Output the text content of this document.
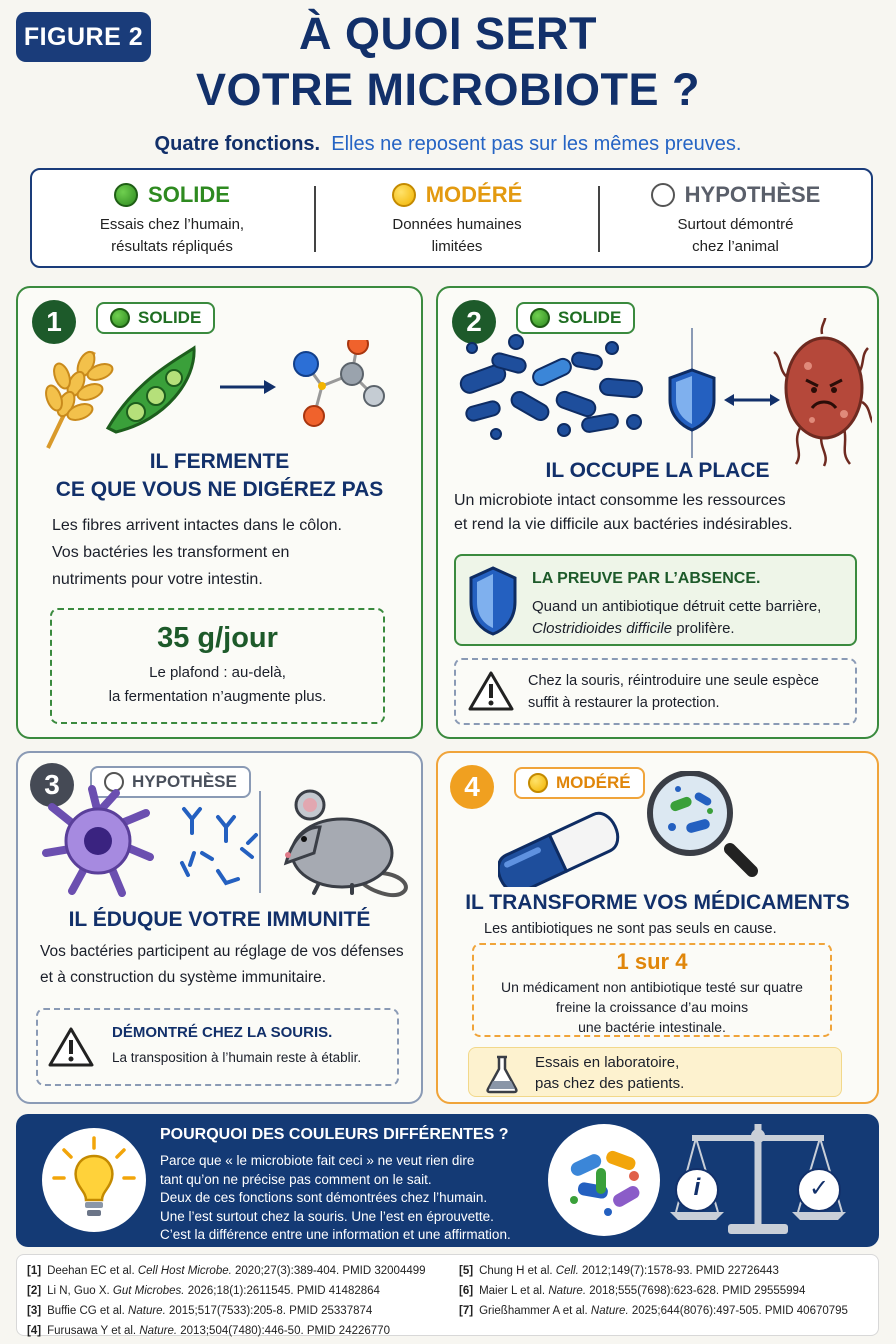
FIGURE 2	À QUOI SERT
VOTRE MICROBIOTE ?
Quatre fonctions. Elles ne reposent pas sur les mêmes preuves.
SOLIDE
Essais chez l’humain,
résultats répliqués
MODÉRÉ
Données humaines
limitées
HYPOTHÈSE
Surtout démontré
chez l’animal
1	SOLIDE
IL FERMENTE
CE QUE VOUS NE DIGÉREZ PAS
Les fibres arrivent intactes dans le côlon.
Vos bactéries les transforment en
nutriments pour votre intestin.
35 g/jour
Le plafond : au-delà,
la fermentation n’augmente plus.
2	SOLIDE
IL OCCUPE LA PLACE
Un microbiote intact consomme les ressources
et rend la vie difficile aux bactéries indésirables.
LA PREUVE PAR L’ABSENCE.
Quand un antibiotique détruit cette barrière,
Clostridioides difficile prolifère.
Chez la souris, réintroduire une seule espèce
suffit à restaurer la protection.
3	HYPOTHÈSE
IL ÉDUQUE VOTRE IMMUNITÉ
Vos bactéries participent au réglage de vos défenses
et à construction du système immunitaire.
DÉMONTRÉ CHEZ LA SOURIS.
La transposition à l’humain reste à établir.
4	MODÉRÉ
IL TRANSFORME VOS MÉDICAMENTS
Les antibiotiques ne sont pas seuls en cause.
1 sur 4
Un médicament non antibiotique testé sur quatre
freine la croissance d’au moins
une bactérie intestinale.
Essais en laboratoire,
pas chez des patients.
POURQUOI DES COULEURS DIFFÉRENTES ?
Parce que « le microbiote fait ceci » ne veut rien dire
tant qu’on ne précise pas comment on le sait.
Deux de ces fonctions sont démontrées chez l’humain.
Une l’est surtout chez la souris. Une l’est en éprouvette.
C’est la différence entre une information et une affirmation.
i	✓
[1] Deehan EC et al. Cell Host Microbe. 2020;27(3):389-404. PMID 32004499
[2] Li N, Guo X. Gut Microbes. 2026;18(1):2611545. PMID 41482864
[3] Buffie CG et al. Nature. 2015;517(7533):205-8. PMID 25337874
[4] Furusawa Y et al. Nature. 2013;504(7480):446-50. PMID 24226770
[5] Chung H et al. Cell. 2012;149(7):1578-93. PMID 22726443
[6] Maier L et al. Nature. 2018;555(7698):623-628. PMID 29555994
[7] Grießhammer A et al. Nature. 2025;644(8076):497-505. PMID 40670795
